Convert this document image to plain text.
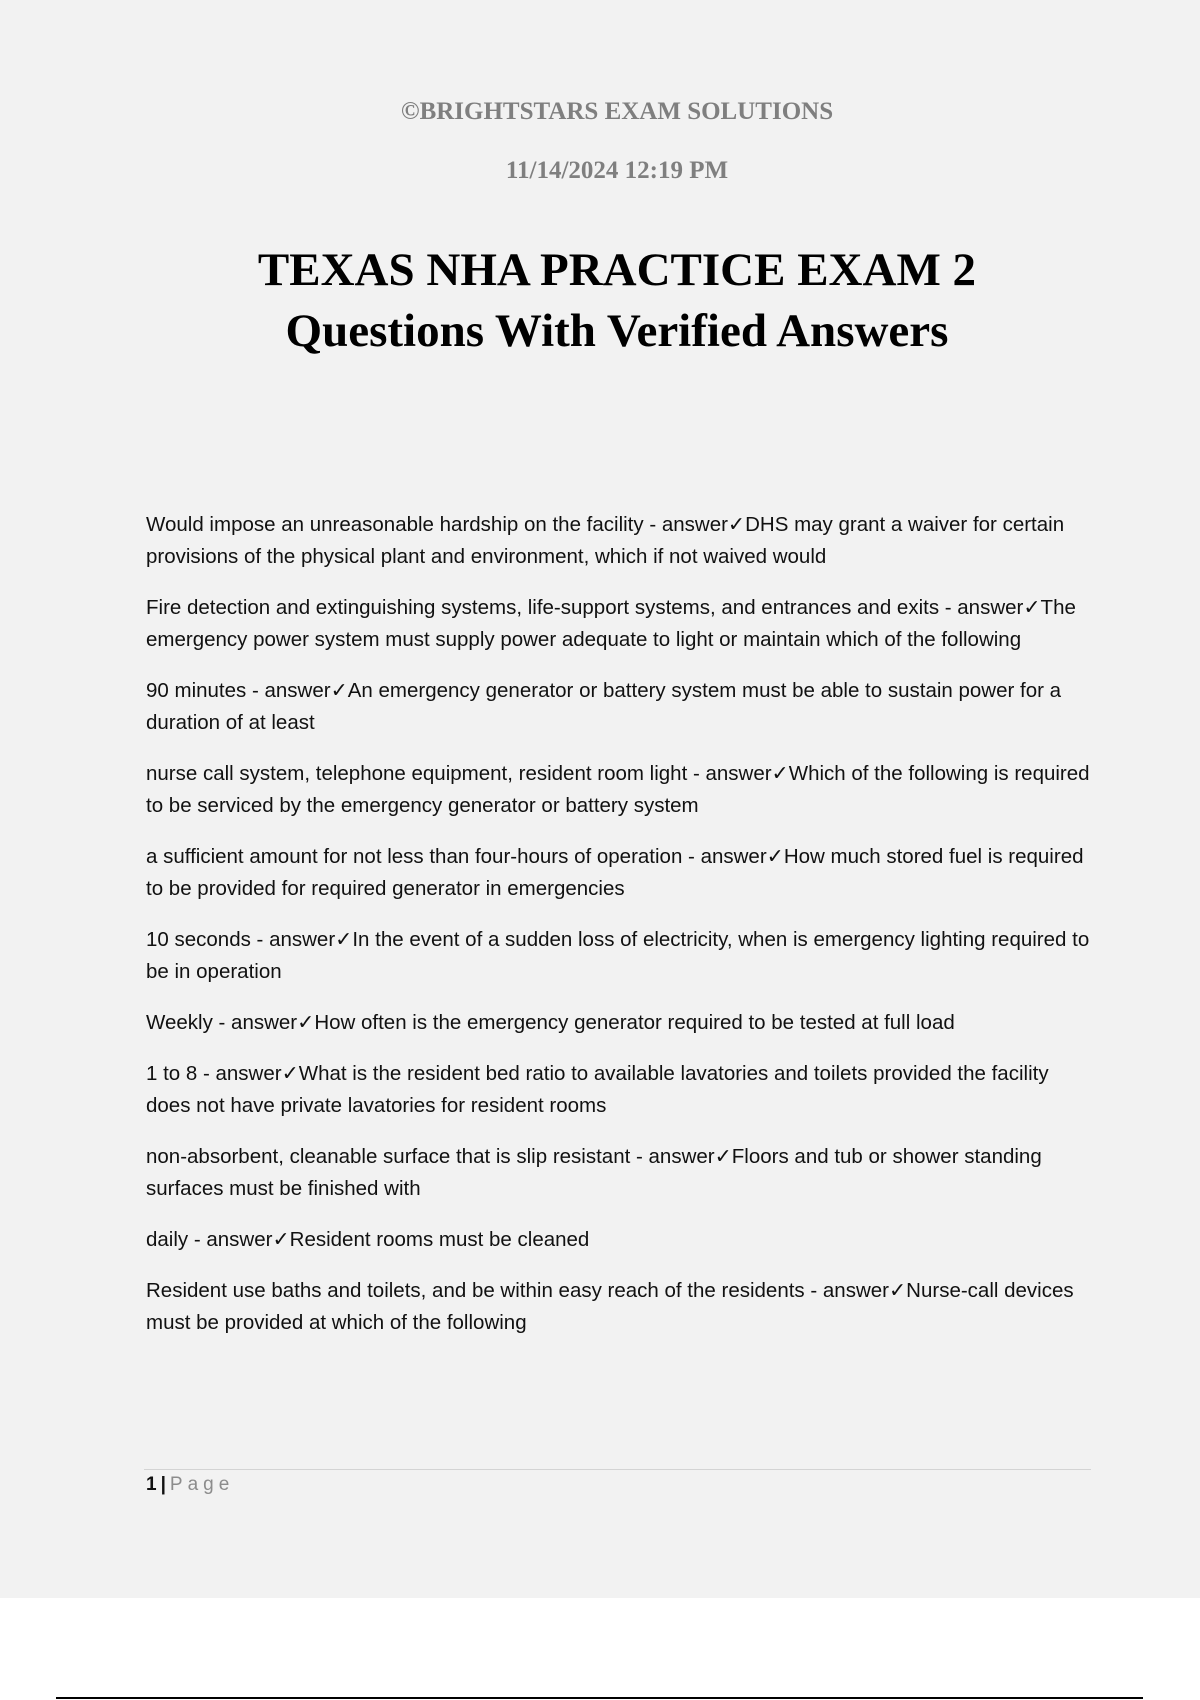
©BRIGHTSTARS EXAM SOLUTIONS

11/14/2024 12:19 PM

TEXAS NHA PRACTICE EXAM 2
Questions With Verified Answers
Would impose an unreasonable hardship on the facility - answer✓DHS may grant a waiver for certain provisions of the physical plant and environment, which if not waived would
Fire detection and extinguishing systems, life-support systems, and entrances and exits - answer✓The emergency power system must supply power adequate to light or maintain which of the following
90 minutes - answer✓An emergency generator or battery system must be able to sustain power for a duration of at least
nurse call system, telephone equipment, resident room light - answer✓Which of the following is required to be serviced by the emergency generator or battery system
a sufficient amount for not less than four-hours of operation - answer✓How much stored fuel is required to be provided for required generator in emergencies
10 seconds - answer✓In the event of a sudden loss of electricity, when is emergency lighting required to be in operation
Weekly - answer✓How often is the emergency generator required to be tested at full load
1 to 8 - answer✓What is the resident bed ratio to available lavatories and toilets provided the facility does not have private lavatories for resident rooms
non-absorbent, cleanable surface that is slip resistant - answer✓Floors and tub or shower standing surfaces must be finished with
daily - answer✓Resident rooms must be cleaned
Resident use baths and toilets, and be within easy reach of the residents - answer✓Nurse-call devices must be provided at which of the following
1 | Page
